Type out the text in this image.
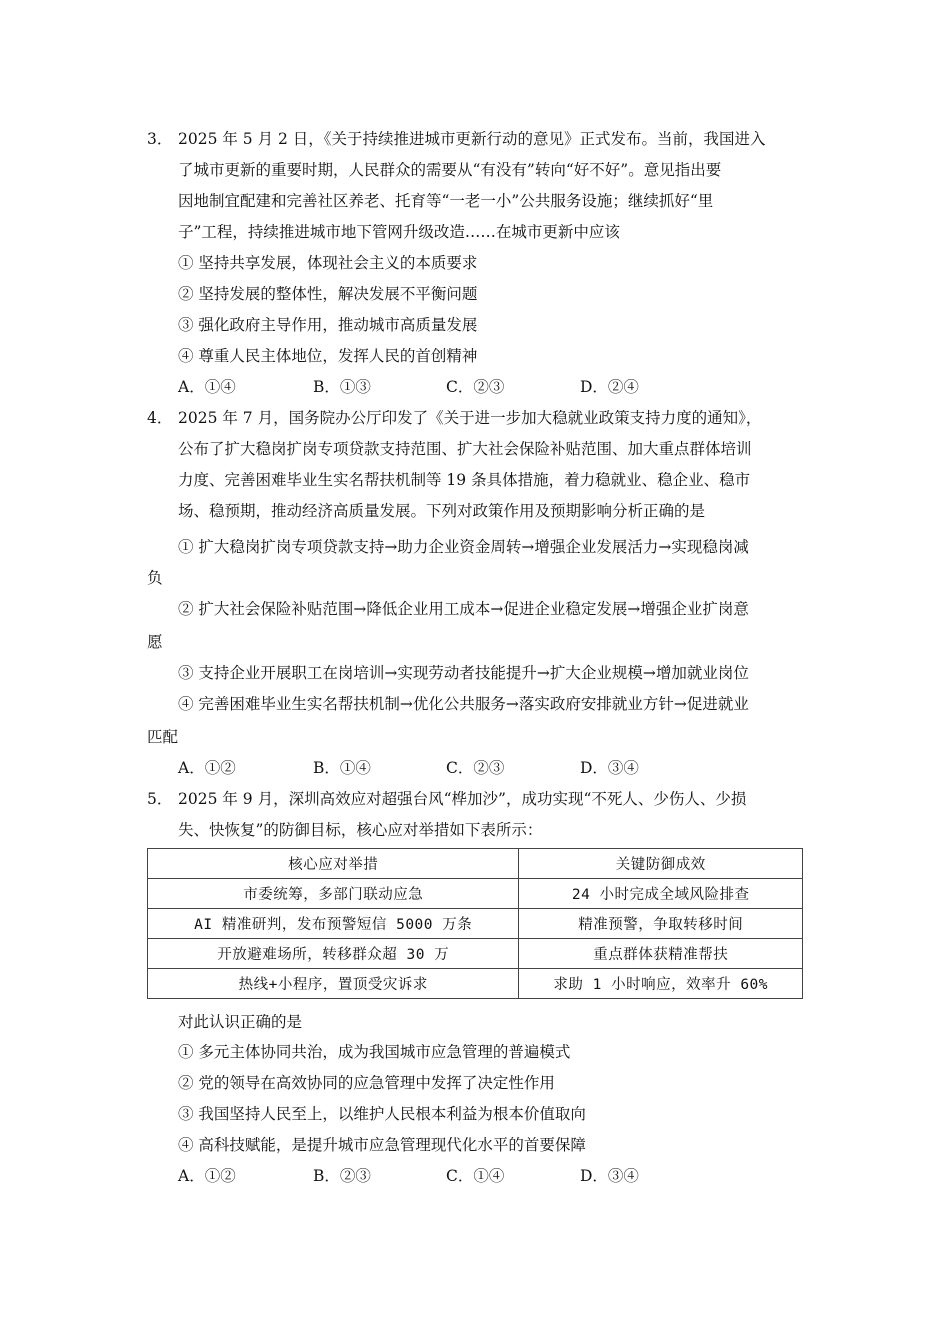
3． 2025 年 5 月 2 日，《关于持续推进城市更新行动的意见》正式发布。当前，我国进入
了城市更新的重要时期，人民群众的需要从“有没有”转向“好不好”。意见指出要
因地制宜配建和完善社区养老、托育等“一老一小”公共服务设施；继续抓好“里
子”工程，持续推进城市地下管网升级改造……在城市更新中应该
① 坚持共享发展，体现社会主义的本质要求
② 坚持发展的整体性，解决发展不平衡问题
③ 强化政府主导作用，推动城市高质量发展
④ 尊重人民主体地位，发挥人民的首创精神
A．①④	B．①③	C．②③	D．②④
4． 2025 年 7 月，国务院办公厅印发了《关于进一步加大稳就业政策支持力度的通知》，
公布了扩大稳岗扩岗专项贷款支持范围、扩大社会保险补贴范围、加大重点群体培训
力度、完善困难毕业生实名帮扶机制等 19 条具体措施，着力稳就业、稳企业、稳市
场、稳预期，推动经济高质量发展。下列对政策作用及预期影响分析正确的是
① 扩大稳岗扩岗专项贷款支持→助力企业资金周转→增强企业发展活力→实现稳岗减
负
② 扩大社会保险补贴范围→降低企业用工成本→促进企业稳定发展→增强企业扩岗意
愿
③ 支持企业开展职工在岗培训→实现劳动者技能提升→扩大企业规模→增加就业岗位
④ 完善困难毕业生实名帮扶机制→优化公共服务→落实政府安排就业方针→促进就业
匹配
A．①②	B．①④	C．②③	D．③④
5． 2025 年 9 月，深圳高效应对超强台风“桦加沙”，成功实现“不死人、少伤人、少损
失、快恢复”的防御目标，核心应对举措如下表所示：
核心应对举措	关键防御成效
市委统筹，多部门联动应急	24 小时完成全域风险排查
AI 精准研判，发布预警短信 5000 万条	精准预警，争取转移时间
开放避难场所，转移群众超 30 万	重点群体获精准帮扶
热线+小程序，置顶受灾诉求	求助 1 小时响应，效率升 60%
对此认识正确的是
① 多元主体协同共治，成为我国城市应急管理的普遍模式
② 党的领导在高效协同的应急管理中发挥了决定性作用
③ 我国坚持人民至上，以维护人民根本利益为根本价值取向
④ 高科技赋能，是提升城市应急管理现代化水平的首要保障
A．①②	B．②③	C．①④	D．③④
